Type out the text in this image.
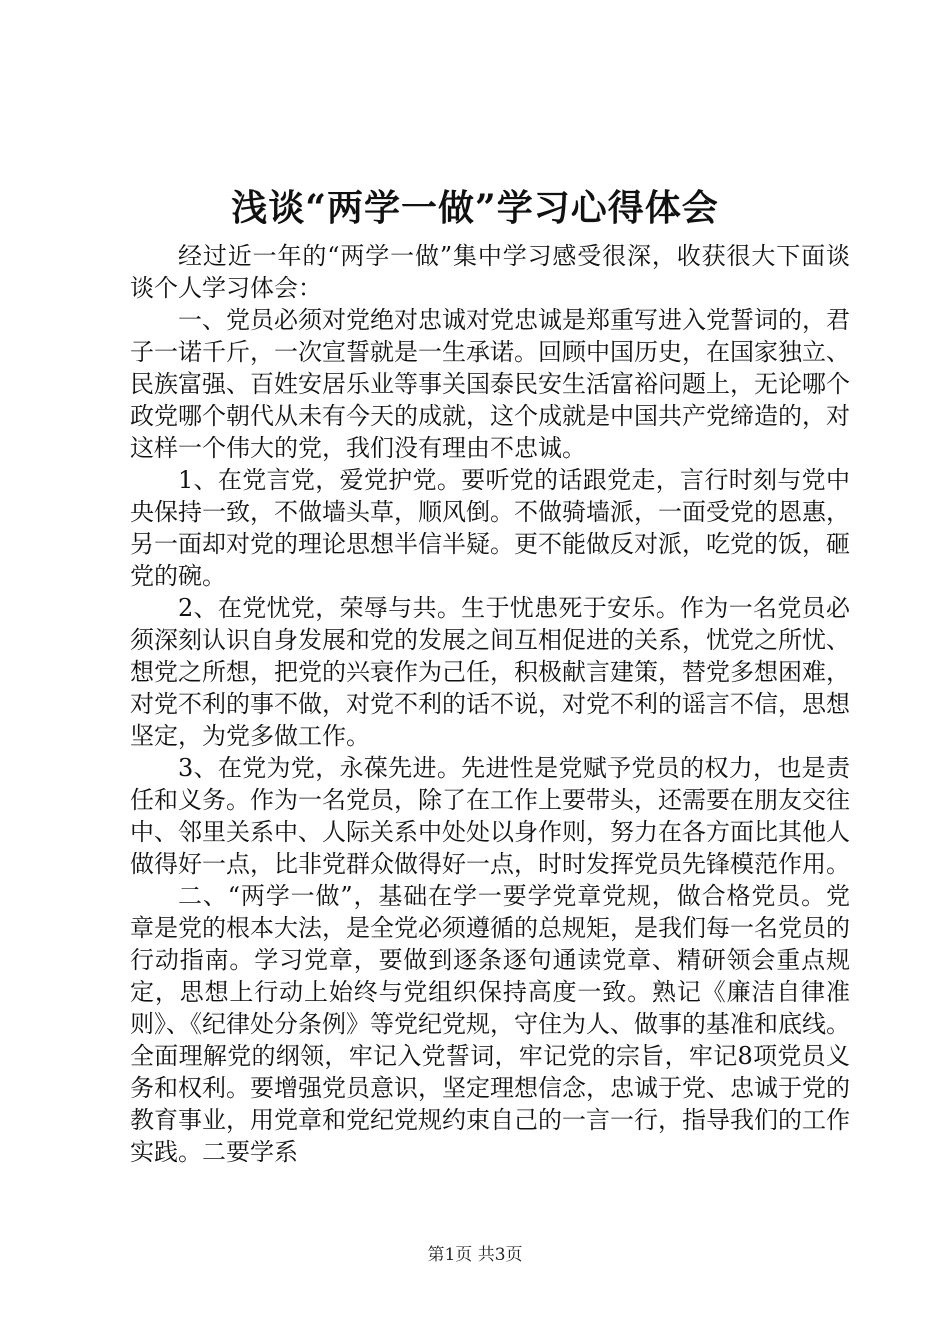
浅谈“两学一做”学习心得体会

经过近一年的“两学一做”集中学习感受很深，收获很大下面谈谈个人学习体会：

一、党员必须对党绝对忠诚对党忠诚是郑重写进入党誓词的，君子一诺千斤，一次宣誓就是一生承诺。回顾中国历史，在国家独立、民族富强、百姓安居乐业等事关国泰民安生活富裕问题上，无论哪个政党哪个朝代从未有今天的成就，这个成就是中国共产党缔造的，对这样一个伟大的党，我们没有理由不忠诚。

1、在党言党，爱党护党。要听党的话跟党走，言行时刻与党中央保持一致，不做墙头草，顺风倒。不做骑墙派，一面受党的恩惠，另一面却对党的理论思想半信半疑。更不能做反对派，吃党的饭，砸党的碗。

2、在党忧党，荣辱与共。生于忧患死于安乐。作为一名党员必须深刻认识自身发展和党的发展之间互相促进的关系，忧党之所忧、想党之所想，把党的兴衰作为己任，积极献言建策，替党多想困难，对党不利的事不做，对党不利的话不说，对党不利的谣言不信，思想坚定，为党多做工作。

3、在党为党，永葆先进。先进性是党赋予党员的权力，也是责任和义务。作为一名党员，除了在工作上要带头，还需要在朋友交往中、邻里关系中、人际关系中处处以身作则，努力在各方面比其他人做得好一点，比非党群众做得好一点，时时发挥党员先锋模范作用。

二、“两学一做”，基础在学一要学党章党规，做合格党员。党章是党的根本大法，是全党必须遵循的总规矩，是我们每一名党员的行动指南。学习党章，要做到逐条逐句通读党章、精研领会重点规定，思想上行动上始终与党组织保持高度一致。熟记《廉洁自律准则》、《纪律处分条例》等党纪党规，守住为人、做事的基准和底线。全面理解党的纲领，牢记入党誓词，牢记党的宗旨，牢记8项党员义务和权利。要增强党员意识，坚定理想信念，忠诚于党、忠诚于党的教育事业，用党章和党纪党规约束自己的一言一行，指导我们的工作实践。二要学系

第1页 共3页
